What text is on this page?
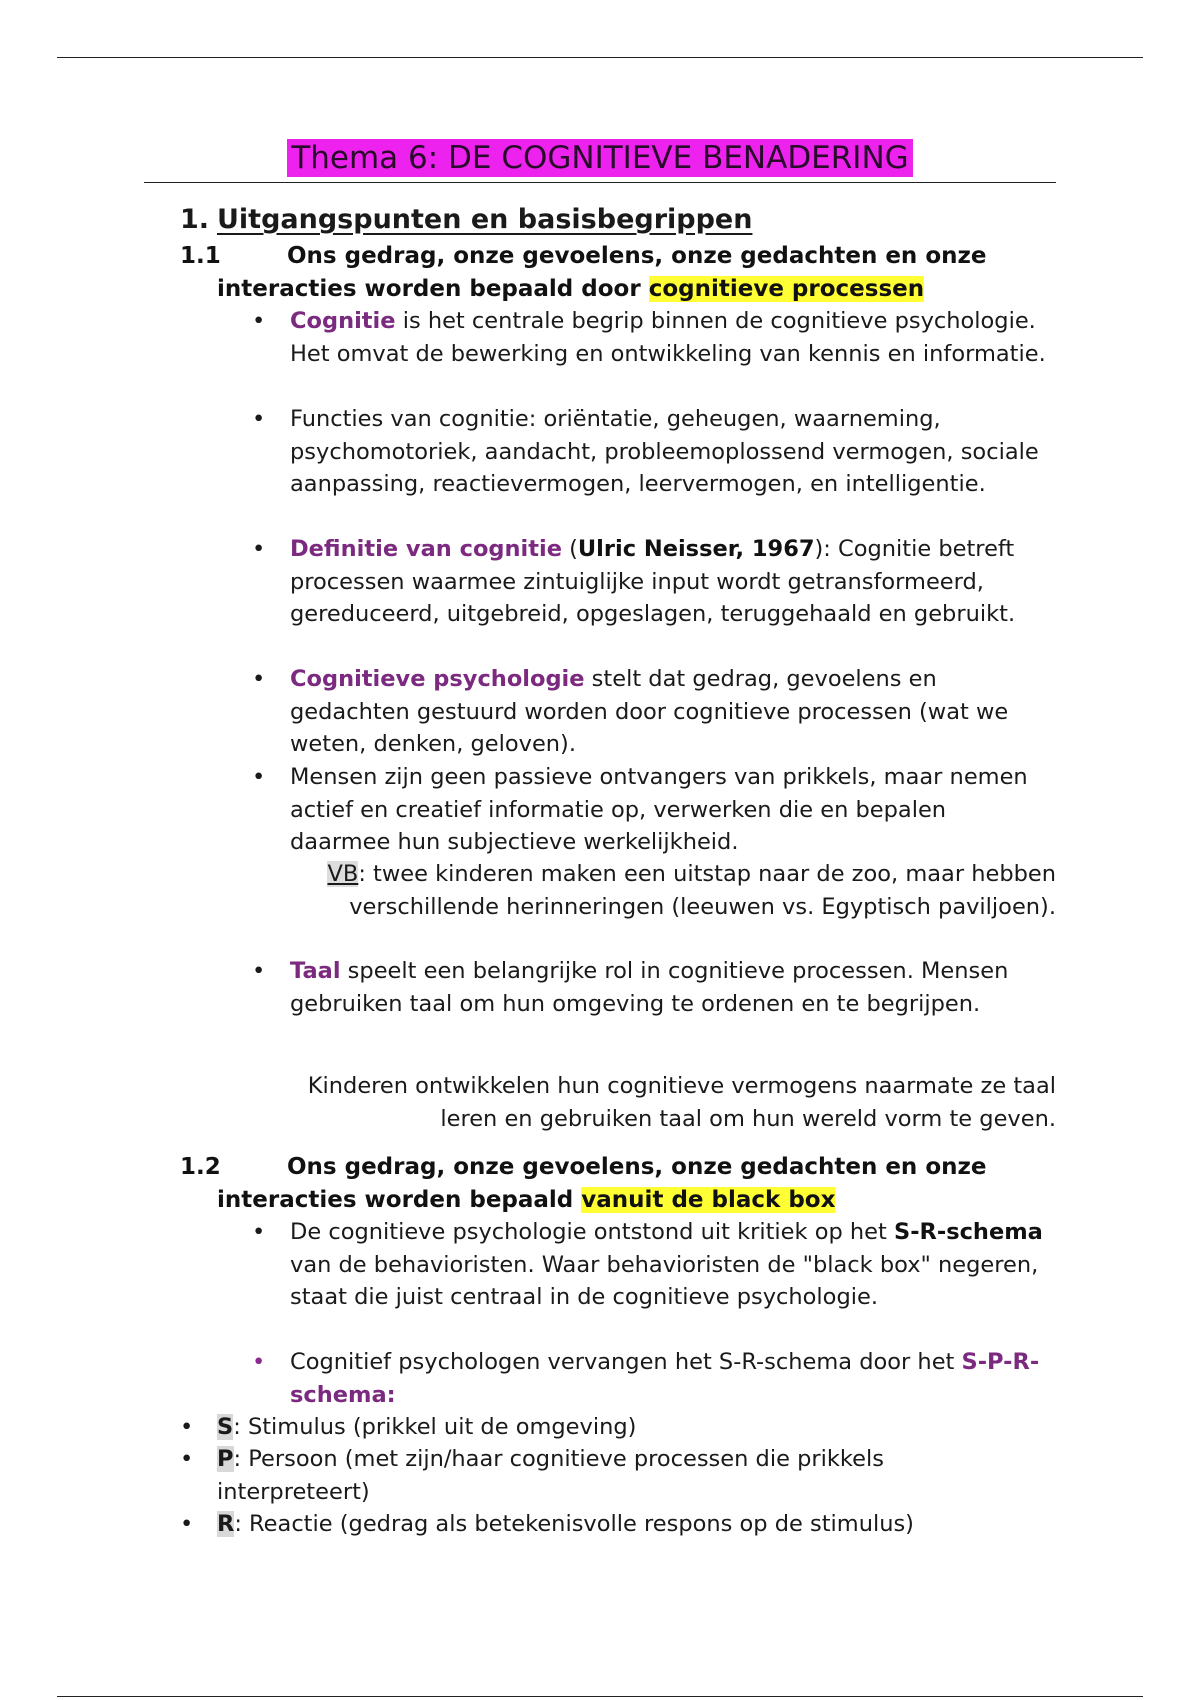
Thema 6: DE COGNITIEVE BENADERING
1. Uitgangspunten en basisbegrippen
1.1	Ons gedrag, onze gevoelens, onze gedachten en onze
interacties worden bepaald door cognitieve processen
• Cognitie is het centrale begrip binnen de cognitieve psychologie. Het omvat de bewerking en ontwikkeling van kennis en informatie.
• Functies van cognitie: oriëntatie, geheugen, waarneming, psychomotoriek, aandacht, probleemoplossend vermogen, sociale aanpassing, reactievermogen, leervermogen, en intelligentie.
• Definitie van cognitie (Ulric Neisser, 1967): Cognitie betreft processen waarmee zintuiglijke input wordt getransformeerd, gereduceerd, uitgebreid, opgeslagen, teruggehaald en gebruikt.
• Cognitieve psychologie stelt dat gedrag, gevoelens en gedachten gestuurd worden door cognitieve processen (wat we weten, denken, geloven).
• Mensen zijn geen passieve ontvangers van prikkels, maar nemen actief en creatief informatie op, verwerken die en bepalen daarmee hun subjectieve werkelijkheid.
VB: twee kinderen maken een uitstap naar de zoo, maar hebben verschillende herinneringen (leeuwen vs. Egyptisch paviljoen).
• Taal speelt een belangrijke rol in cognitieve processen. Mensen gebruiken taal om hun omgeving te ordenen en te begrijpen.
Kinderen ontwikkelen hun cognitieve vermogens naarmate ze taal leren en gebruiken taal om hun wereld vorm te geven.
1.2	Ons gedrag, onze gevoelens, onze gedachten en onze
interacties worden bepaald vanuit de black box
• De cognitieve psychologie ontstond uit kritiek op het S-R-schema van de behavioristen. Waar behavioristen de "black box" negeren, staat die juist centraal in de cognitieve psychologie.
• Cognitief psychologen vervangen het S-R-schema door het S-P-R-schema:
• S: Stimulus (prikkel uit de omgeving)
• P: Persoon (met zijn/haar cognitieve processen die prikkels interpreteert)
• R: Reactie (gedrag als betekenisvolle respons op de stimulus)
